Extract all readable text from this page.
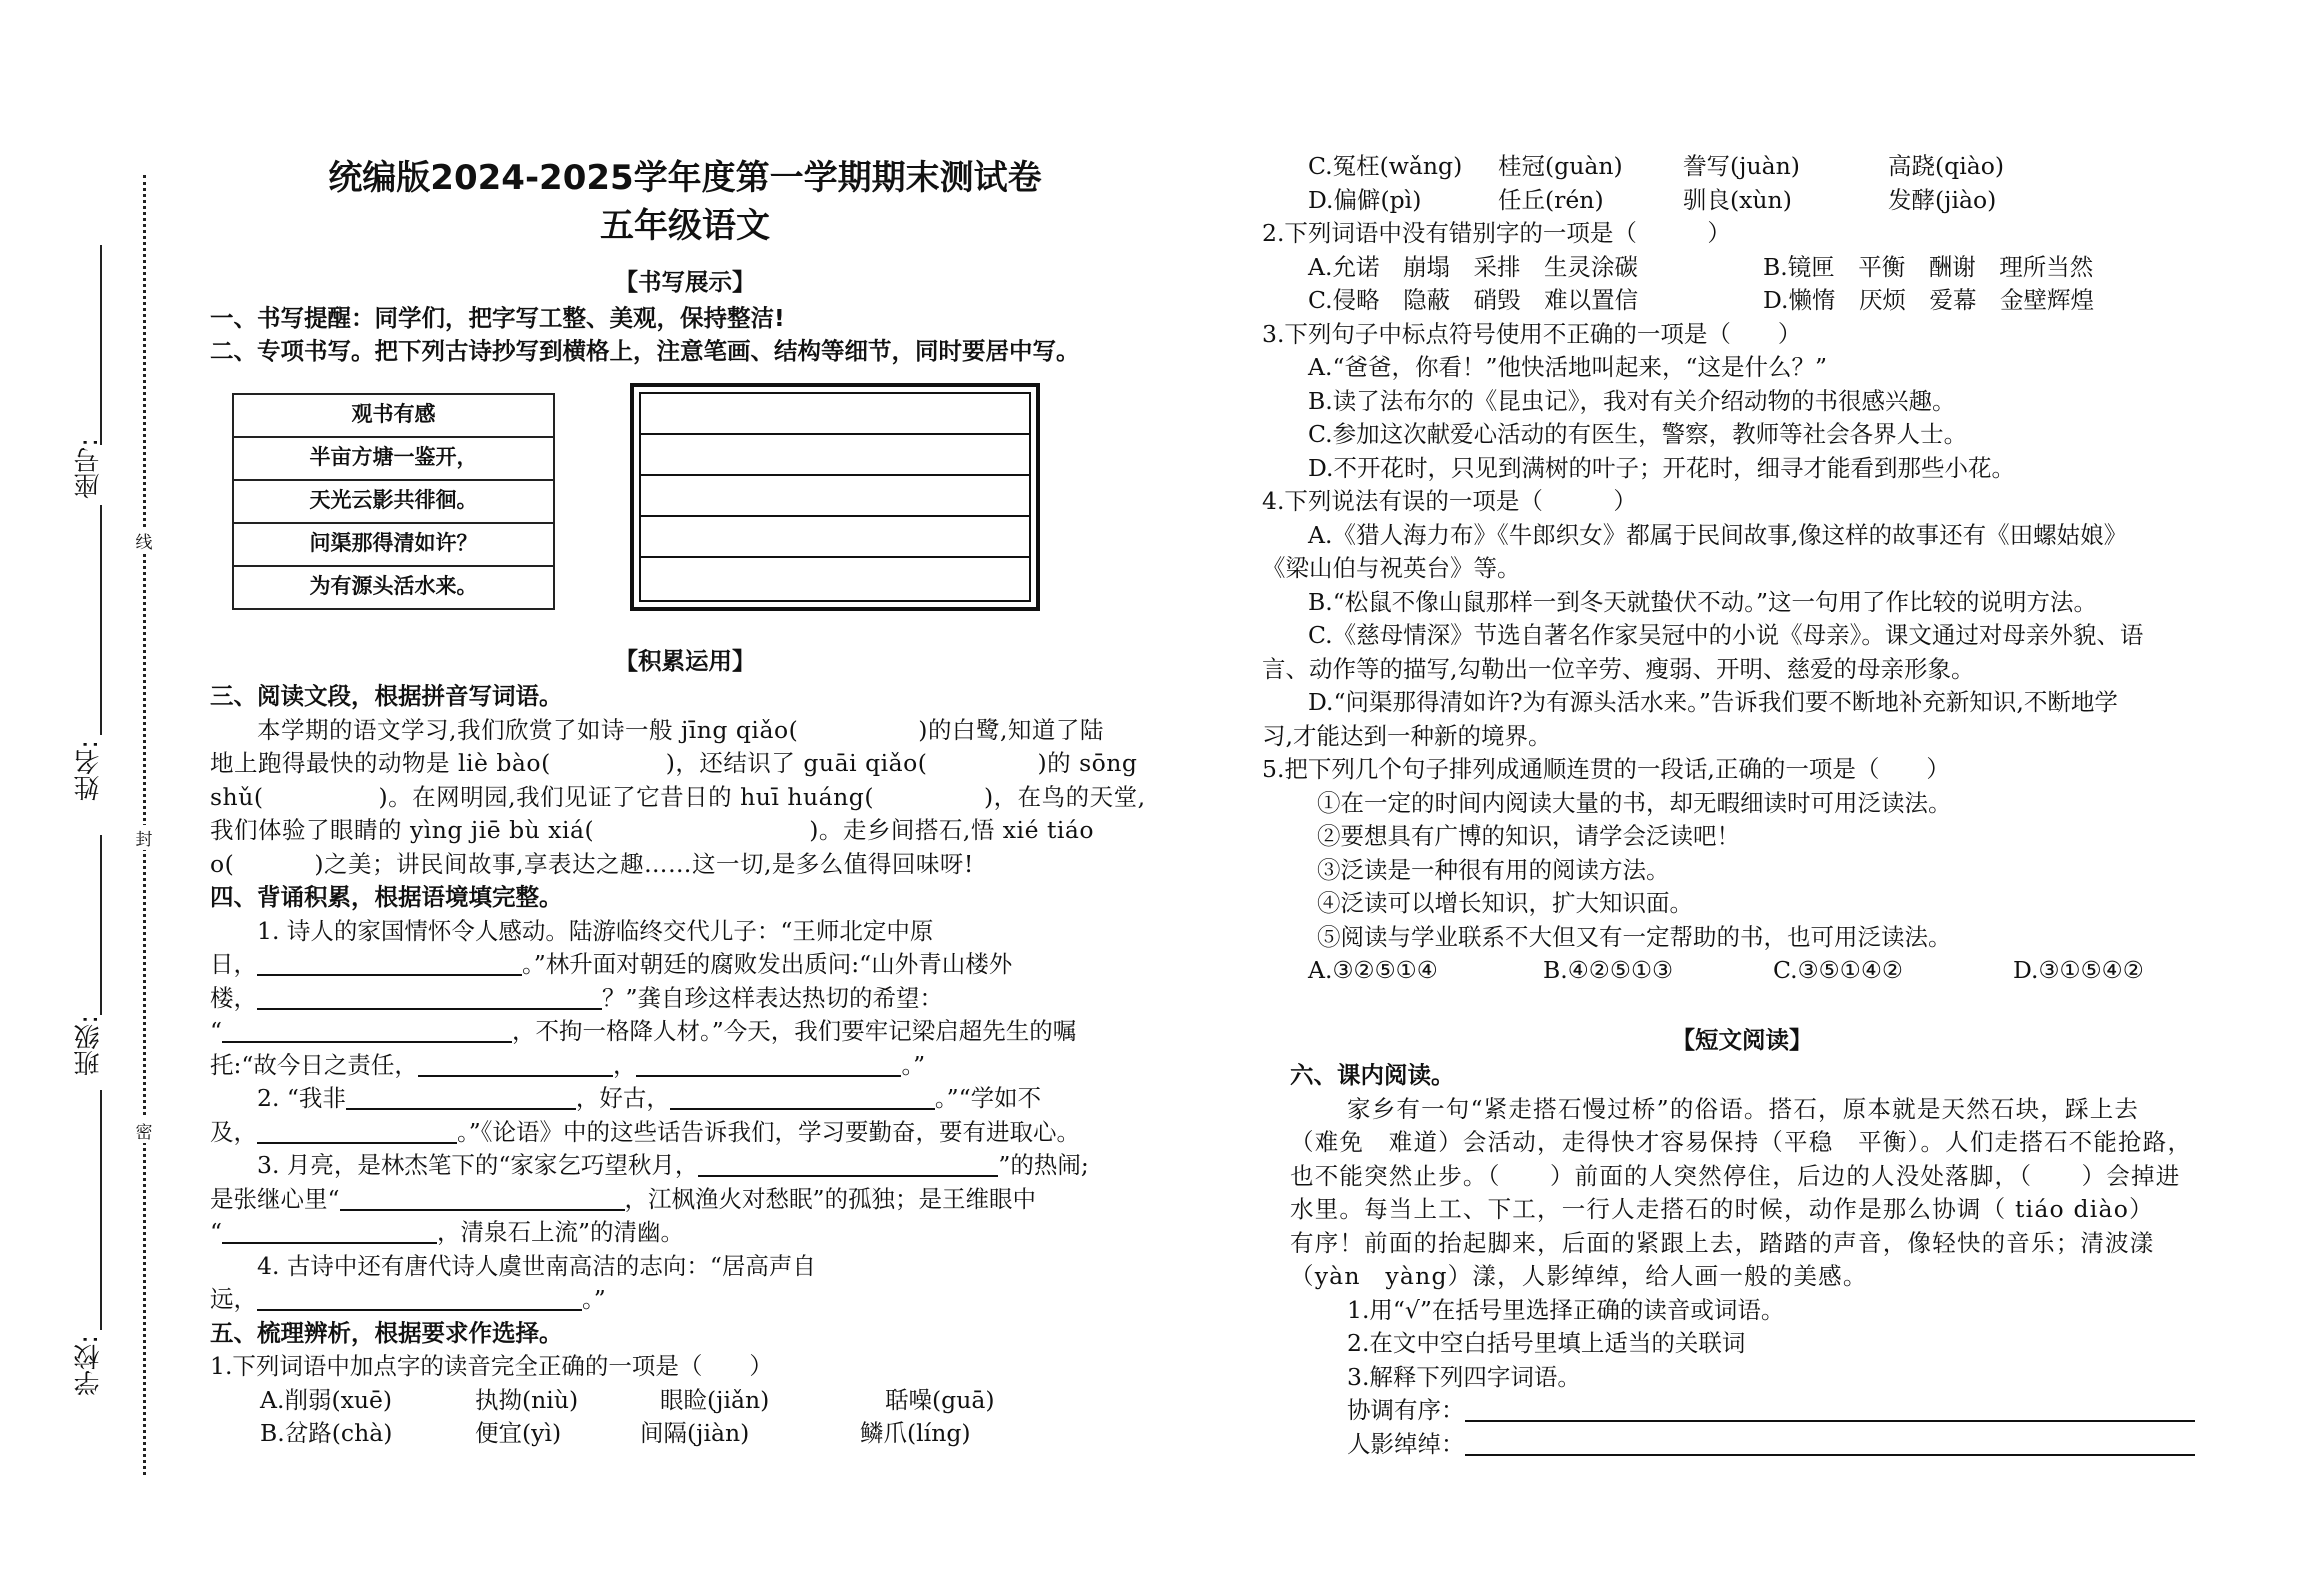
座号:
姓名:
班级:
学校:
线
封
密
统编版2024-2025学年度第一学期期末测试卷
五年级语文
【书写展示】
一、书写提醒：同学们，把字写工整、美观，保持整洁!
二、专项书写。把下列古诗抄写到横格上，注意笔画、结构等细节，同时要居中写。
观书有感
半亩方塘一鉴开，
天光云影共徘徊。
问渠那得清如许？
为有源头活水来。
【积累运用】
三、阅读文段，根据拼音写词语。
本学期的语文学习,我们欣赏了如诗一般 jīng qiǎo(	)的白鹭,知道了陆
地上跑得最快的动物是 liè bào(	)，还结识了 guāi qiǎo(	)的 sōng
shǔ(	)。在网明园,我们见证了它昔日的 huī huáng(	)，在鸟的天堂,
我们体验了眼睛的 yìng jiē bù xiá(	)。走乡间搭石,悟 xié tiáo
o(	)之美；讲民间故事,享表达之趣……这一切,是多么值得回味呀!
四、背诵积累，根据语境填完整。
1. 诗人的家国情怀令人感动。陆游临终交代儿子：“王师北定中原
日，	。”林升面对朝廷的腐败发出质问:“山外青山楼外
楼，	？”龚自珍这样表达热切的希望：
“	，不拘一格降人材。”今天，我们要牢记梁启超先生的嘱
托:“故今日之责任，	，	。”
2. “我非	，好古，	。”“学如不
及，	。”《论语》中的这些话告诉我们，学习要勤奋，要有进取心。
3. 月亮，是林杰笔下的“家家乞巧望秋月，	”的热闹;
是张继心里“	，江枫渔火对愁眠”的孤独；是王维眼中
“	，清泉石上流”的清幽。
4. 古诗中还有唐代诗人虞世南高洁的志向：“居高声自
远，	。”
五、梳理辨析，根据要求作选择。
1.下列词语中加点字的读音完全正确的一项是（　　）
A.削弱(xuē)	执拗(niù)	眼睑(jiǎn)	聒噪(guā)
B.岔路(chà)	便宜(yì)	间隔(jiàn)	鳞爪(líng)
C.冤枉(wǎng)	桂冠(guàn)	誊写(juàn)	高跷(qiào)
D.偏僻(pì)	任丘(rén)	驯良(xùn)	发酵(jiào)
2.下列词语中没有错别字的一项是（　　　）
A.允诺　崩塌　采排　生灵涂碳	B.镜匣　平衡　酬谢　理所当然
C.侵略　隐蔽　硝毁　难以置信	D.懒惰　厌烦　爱幕　金壁辉煌
3.下列句子中标点符号使用不正确的一项是（　　）
A.“爸爸，你看！”他快活地叫起来，“这是什么？”
B.读了法布尔的《昆虫记》，我对有关介绍动物的书很感兴趣。
C.参加这次献爱心活动的有医生，警察，教师等社会各界人士。
D.不开花时，只见到满树的叶子；开花时，细寻才能看到那些小花。
4.下列说法有误的一项是（　　　）
A.《猎人海力布》《牛郎织女》都属于民间故事,像这样的故事还有《田螺姑娘》
《梁山伯与祝英台》等。
B.“松鼠不像山鼠那样一到冬天就蛰伏不动。”这一句用了作比较的说明方法。
C.《慈母情深》节选自著名作家吴冠中的小说《母亲》。课文通过对母亲外貌、语
言、动作等的描写,勾勒出一位辛劳、瘦弱、开明、慈爱的母亲形象。
D.“问渠那得清如许?为有源头活水来。”告诉我们要不断地补充新知识,不断地学
习,才能达到一种新的境界。
5.把下列几个句子排列成通顺连贯的一段话,正确的一项是（　　）
①在一定的时间内阅读大量的书，却无暇细读时可用泛读法。
②要想具有广博的知识，请学会泛读吧！
③泛读是一种很有用的阅读方法。
④泛读可以增长知识，扩大知识面。
⑤阅读与学业联系不大但又有一定帮助的书，也可用泛读法。
A.③②⑤①④	B.④②⑤①③	C.③⑤①④②	D.③①⑤④②
【短文阅读】
六、课内阅读。
家乡有一句“紧走搭石慢过桥”的俗语。搭石，原本就是天然石块，踩上去
（难免　难道）会活动，走得快才容易保持（平稳　平衡）。人们走搭石不能抢路，
也不能突然止步。（　　）前面的人突然停住，后边的人没处落脚，（　　）会掉进
水里。每当上工、下工，一行人走搭石的时候，动作是那么协调（ tiáo diào）
有序！前面的抬起脚来，后面的紧跟上去，踏踏的声音，像轻快的音乐；清波漾
（yàn　yàng）漾，人影绰绰，给人画一般的美感。
1.用“√”在括号里选择正确的读音或词语。
2.在文中空白括号里填上适当的关联词
3.解释下列四字词语。
协调有序：
人影绰绰：
